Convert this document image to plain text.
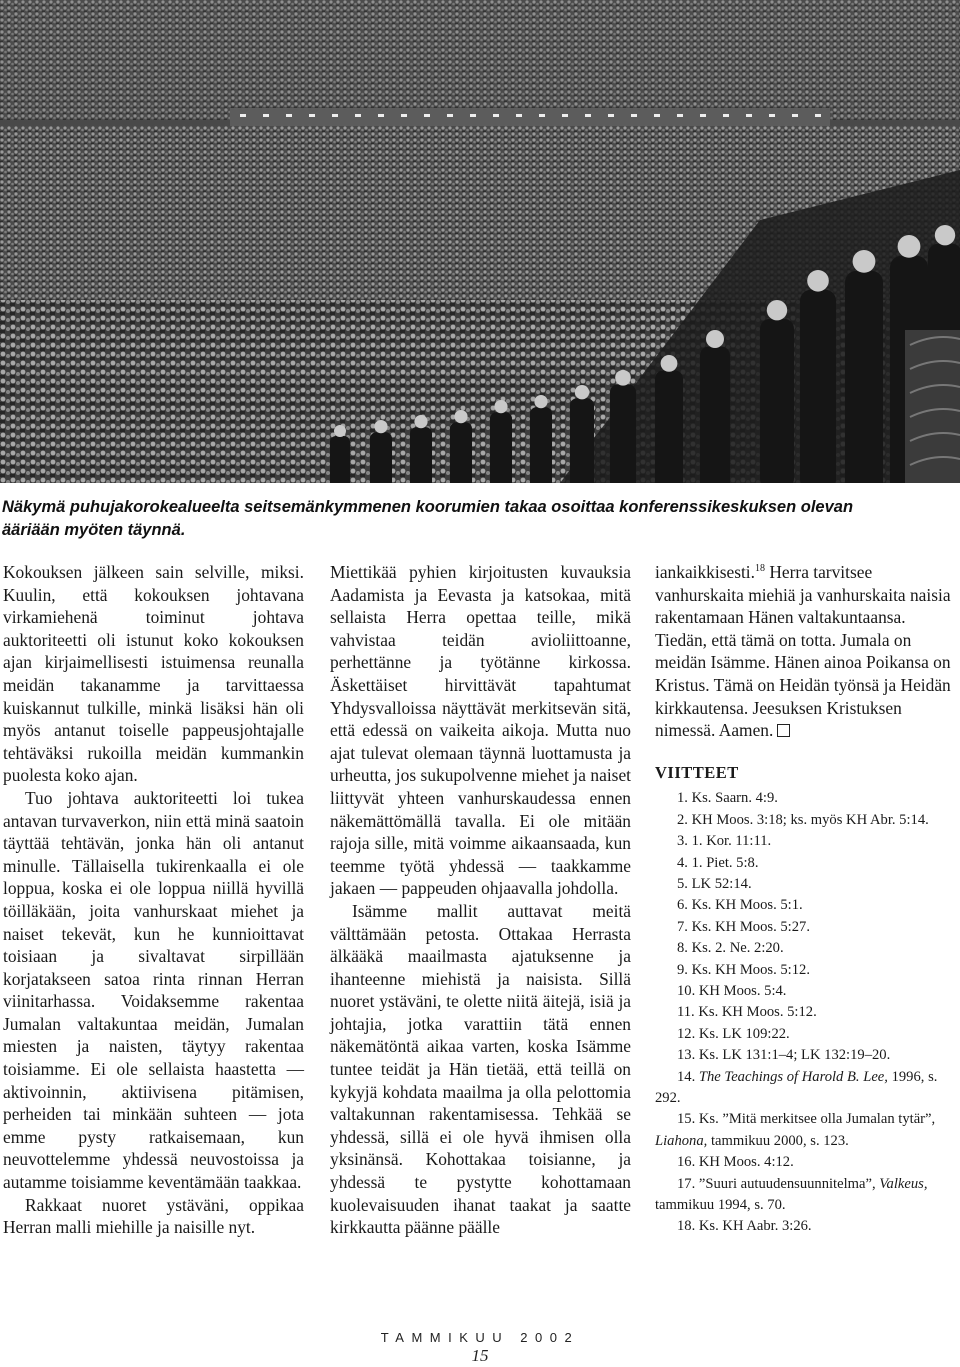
Näkymä puhujakorokealueelta seitsemänkymmenen koorumien takaa osoittaa konferenssikeskuksen olevan
ääriään myöten täynnä.

Kokouksen jälkeen sain selville, miksi. Kuulin, että kokouksen johtavana virkamiehenä toiminut johtava auktoriteetti oli istunut koko kokouksen ajan kirjaimellisesti istuimensa reunalla meidän takanamme ja tarvittaessa kuiskannut tulkille, minkä lisäksi hän oli myös antanut toiselle pappeusjohtajalle tehtäväksi rukoilla meidän kummankin puolesta koko ajan.

Tuo johtava auktoriteetti loi tukea antavan turvaverkon, niin että minä saatoin täyttää tehtävän, jonka hän oli antanut minulle. Tällaisella tukirenkaalla ei ole loppua, koska ei ole loppua niillä hyvillä töilläkään, joita vanhurskaat miehet ja naiset tekevät, kun he kunnioittavat toisiaan ja sivaltavat sirpillään korjatakseen satoa rinta rinnan Herran viinitarhassa. Voidaksemme rakentaa Jumalan valtakuntaa meidän, Jumalan miesten ja naisten, täytyy rakentaa toisiamme. Ei ole sellaista haastetta — aktivoinnin, aktiivisena pitämisen, perheiden tai minkään suhteen — jota emme pysty ratkaisemaan, kun neuvottelemme yhdessä neuvostoissa ja autamme toisiamme keventämään taakkaa.

Rakkaat nuoret ystäväni, oppikaa Herran malli miehille ja naisille nyt.

Miettikää pyhien kirjoitusten kuvauksia Aadamista ja Eevasta ja katsokaa, mitä sellaista Herra opettaa teille, mikä vahvistaa teidän avioliittoanne, perhettänne ja työtänne kirkossa. Äskettäiset hirvittävät tapahtumat Yhdysvalloissa näyttävät merkitsevän sitä, että edessä on vaikeita aikoja. Mutta nuo ajat tulevat olemaan täynnä luottamusta ja urheutta, jos sukupolvenne miehet ja naiset liittyvät yhteen vanhurskaudessa ennen näkemättömällä tavalla. Ei ole mitään rajoja sille, mitä voimme aikaansaada, kun teemme työtä yhdessä — taakkamme jakaen — pappeuden ohjaavalla johdolla.

Isämme mallit auttavat meitä välttämään petosta. Ottakaa Herrasta älkääkä maailmasta ajatuksenne ja ihanteenne miehistä ja naisista. Sillä nuoret ystäväni, te olette niitä äitejä, isiä ja johtajia, jotka varattiin tätä ennen näkemätöntä aikaa varten, koska Isämme tuntee teidät ja Hän tietää, että teillä on kykyjä kohdata maailma ja olla pelottomia valtakunnan rakentamisessa. Tehkää se yhdessä, sillä ei ole hyvä ihmisen olla yksinänsä. Kohottakaa toisianne, ja yhdessä te pystytte kohottamaan kuolevaisuuden ihanat taakat ja saatte kirkkautta päänne päälle

iankaikkisesti.$^{18}$ Herra tarvitsee vanhurskaita miehiä ja vanhurskaita naisia rakentamaan Hänen valtakuntaansa. Tiedän, että tämä on totta. Jumala on meidän Isämme. Hänen ainoa Poikansa on Kristus. Tämä on Heidän työnsä ja Heidän kirkkautensa. Jeesuksen Kristuksen nimessä. Aamen.

VIITTEET
1. Ks. Saarn. 4:9.
2. KH Moos. 3:18; ks. myös KH Abr. 5:14.
3. 1. Kor. 11:11.
4. 1. Piet. 5:8.
5. LK 52:14.
6. Ks. KH Moos. 5:1.
7. Ks. KH Moos. 5:27.
8. Ks. 2. Ne. 2:20.
9. Ks. KH Moos. 5:12.
10. KH Moos. 5:4.
11. Ks. KH Moos. 5:12.
12. Ks. LK 109:22.
13. Ks. LK 131:1–4; LK 132:19–20.
14. The Teachings of Harold B. Lee, 1996, s. 292.
15. Ks. ”Mitä merkitsee olla Jumalan tytär”, Liahona, tammikuu 2000, s. 123.
16. KH Moos. 4:12.
17. ”Suuri autuudensuunnitelma”, Valkeus, tammikuu 1994, s. 70.
18. Ks. KH Aabr. 3:26.
TAMMIKUU 2002
15
